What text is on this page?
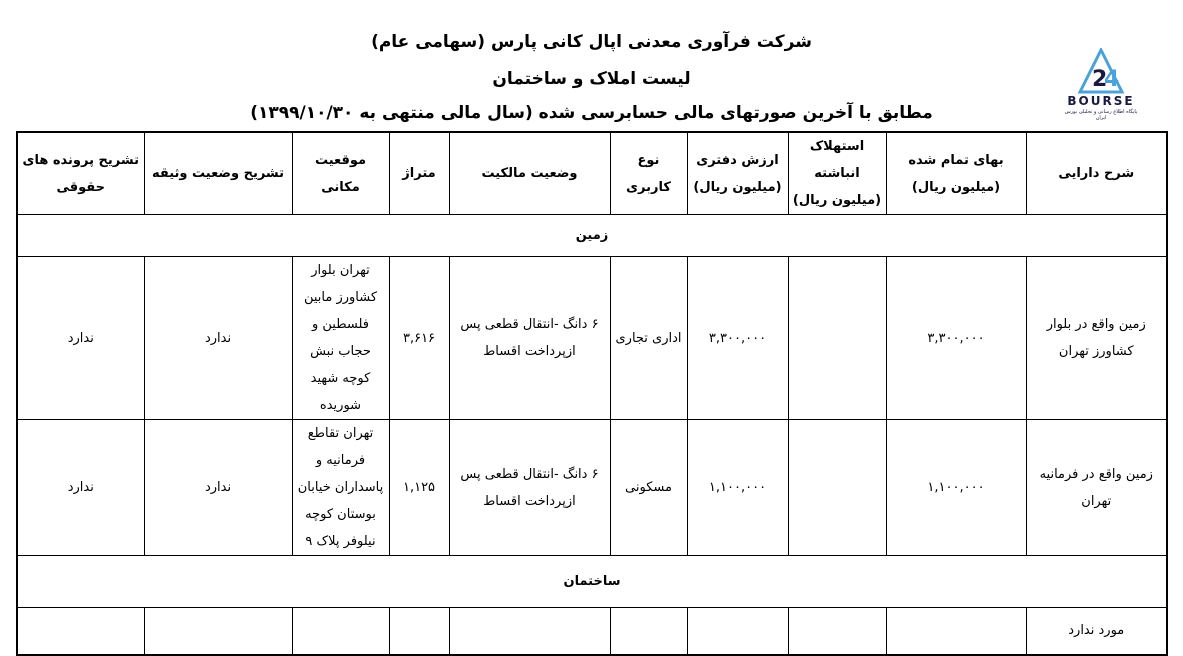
شرکت فرآوری معدنی اپال کانی پارس (سهامی عام)
لیست املاک و ساختمان
مطابق با آخرین صورتهای مالی حسابرسی شده (سال مالی منتهی به ۱۳۹۹/۱۰/۳۰)
2
4
BOURSE
پایگاه اطلاع رسانی و تحلیلی بورس ایران
شرح دارایی	بهای تمام شده (میلیون ریال)	استهلاک انباشته (میلیون ریال)	ارزش دفتری (میلیون ریال)	نوع کاربری	وضعیت مالکیت	متراژ	موقعیت مکانی	تشریح وضعیت وثیقه	تشریح پرونده های حقوقی
زمین									
زمین واقع در بلوار کشاورز تهران	۳,۳۰۰,۰۰۰		۳,۳۰۰,۰۰۰	اداری تجاری	۶ دانگ -انتقال قطعی پس ازپرداخت اقساط	۳,۶۱۶	تهران بلوار کشاورز مابین فلسطین و حجاب نبش کوچه شهید شوریده	ندارد	ندارد
زمین واقع در فرمانیه تهران	۱,۱۰۰,۰۰۰		۱,۱۰۰,۰۰۰	مسکونی	۶ دانگ -انتقال قطعی پس ازپرداخت اقساط	۱,۱۲۵	تهران تقاطع فرمانیه و پاسداران خیابان بوستان کوچه نیلوفر پلاک ۹	ندارد	ندارد
ساختمان									
مورد ندارد									
